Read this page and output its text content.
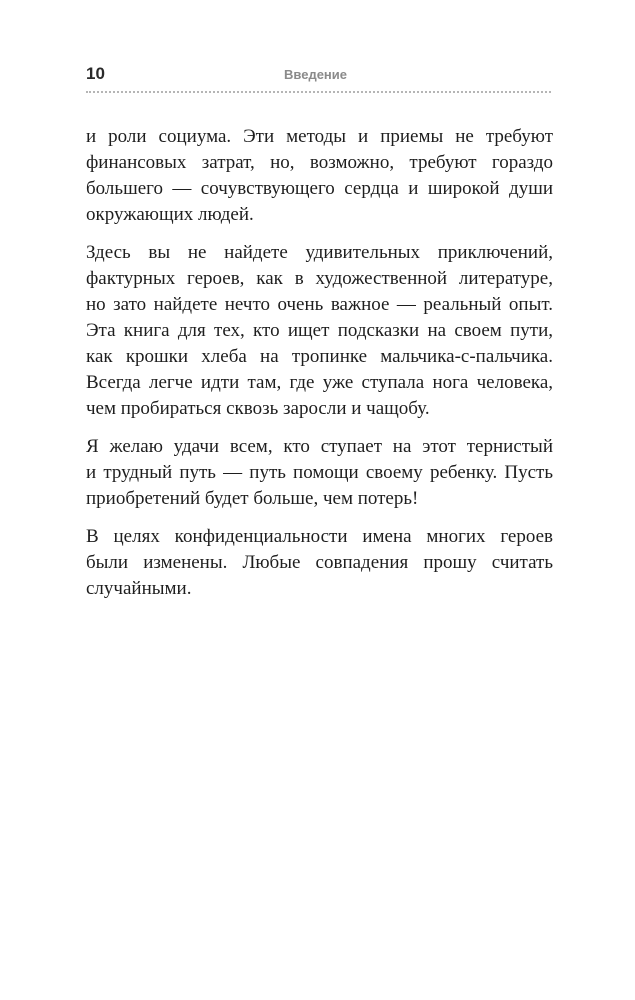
10	Введение

и роли социума. Эти методы и приемы не требуют
финансовых затрат, но, возможно, требуют гораздо
большего — сочувствующего сердца и широкой души
окружающих людей.

Здесь вы не найдете удивительных приключений,
фактурных героев, как в художественной литературе,
но зато найдете нечто очень важное — реальный опыт.
Эта книга для тех, кто ищет подсказки на своем пути,
как крошки хлеба на тропинке мальчика-с-пальчика.
Всегда легче идти там, где уже ступала нога человека,
чем пробираться сквозь заросли и чащобу.

Я желаю удачи всем, кто ступает на этот тернистый
и трудный путь — путь помощи своему ребенку. Пусть
приобретений будет больше, чем потерь!

В целях конфиденциальности имена многих героев
были изменены. Любые совпадения прошу считать
случайными.
